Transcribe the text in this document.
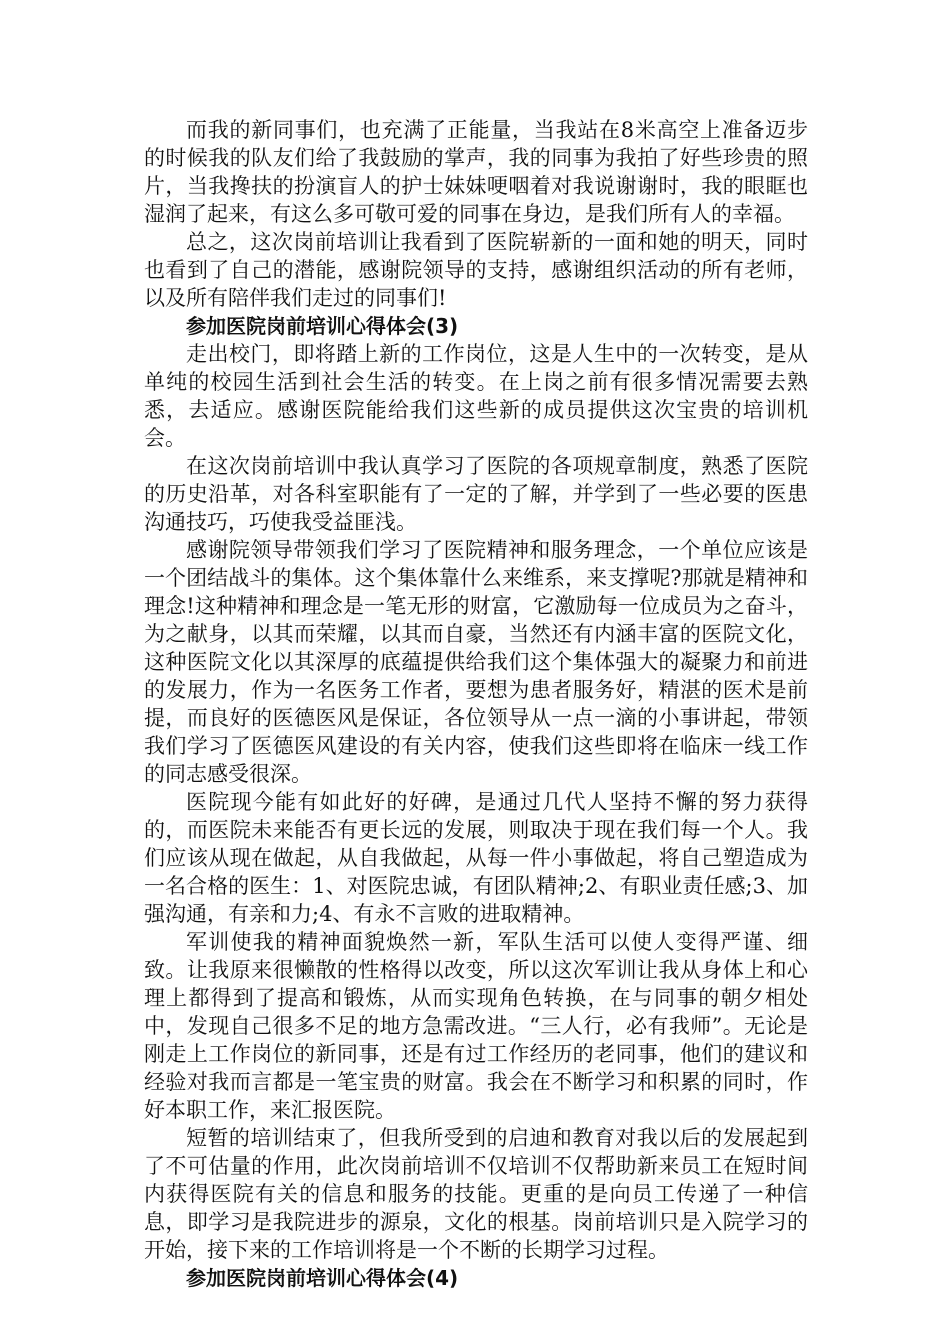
而我的新同事们，也充满了正能量，当我站在8米高空上准备迈步的时候我的队友们给了我鼓励的掌声，我的同事为我拍了好些珍贵的照片，当我搀扶的扮演盲人的护士妹妹哽咽着对我说谢谢时，我的眼眶也湿润了起来，有这么多可敬可爱的同事在身边，是我们所有人的幸福。

总之，这次岗前培训让我看到了医院崭新的一面和她的明天，同时也看到了自己的潜能，感谢院领导的支持，感谢组织活动的所有老师，以及所有陪伴我们走过的同事们!

参加医院岗前培训心得体会(3)

走出校门，即将踏上新的工作岗位，这是人生中的一次转变，是从单纯的校园生活到社会生活的转变。在上岗之前有很多情况需要去熟悉，去适应。感谢医院能给我们这些新的成员提供这次宝贵的培训机会。

在这次岗前培训中我认真学习了医院的各项规章制度，熟悉了医院的历史沿革，对各科室职能有了一定的了解，并学到了一些必要的医患沟通技巧，巧使我受益匪浅。

感谢院领导带领我们学习了医院精神和服务理念，一个单位应该是一个团结战斗的集体。这个集体靠什么来维系，来支撑呢?那就是精神和理念!这种精神和理念是一笔无形的财富，它激励每一位成员为之奋斗，为之献身，以其而荣耀，以其而自豪，当然还有内涵丰富的医院文化，这种医院文化以其深厚的底蕴提供给我们这个集体强大的凝聚力和前进的发展力，作为一名医务工作者，要想为患者服务好，精湛的医术是前提，而良好的医德医风是保证，各位领导从一点一滴的小事讲起，带领我们学习了医德医风建设的有关内容，使我们这些即将在临床一线工作的同志感受很深。

医院现今能有如此好的好碑，是通过几代人坚持不懈的努力获得的，而医院未来能否有更长远的发展，则取决于现在我们每一个人。我们应该从现在做起，从自我做起，从每一件小事做起，将自己塑造成为一名合格的医生：1、对医院忠诚，有团队精神;2、有职业责任感;3、加强沟通，有亲和力;4、有永不言败的进取精神。

军训使我的精神面貌焕然一新，军队生活可以使人变得严谨、细致。让我原来很懒散的性格得以改变，所以这次军训让我从身体上和心理上都得到了提高和锻炼，从而实现角色转换，在与同事的朝夕相处中，发现自己很多不足的地方急需改进。“三人行，必有我师”。无论是刚走上工作岗位的新同事，还是有过工作经历的老同事，他们的建议和经验对我而言都是一笔宝贵的财富。我会在不断学习和积累的同时，作好本职工作，来汇报医院。

短暂的培训结束了，但我所受到的启迪和教育对我以后的发展起到了不可估量的作用，此次岗前培训不仅培训不仅帮助新来员工在短时间内获得医院有关的信息和服务的技能。更重的是向员工传递了一种信息，即学习是我院进步的源泉，文化的根基。岗前培训只是入院学习的开始，接下来的工作培训将是一个不断的长期学习过程。

参加医院岗前培训心得体会(4)
